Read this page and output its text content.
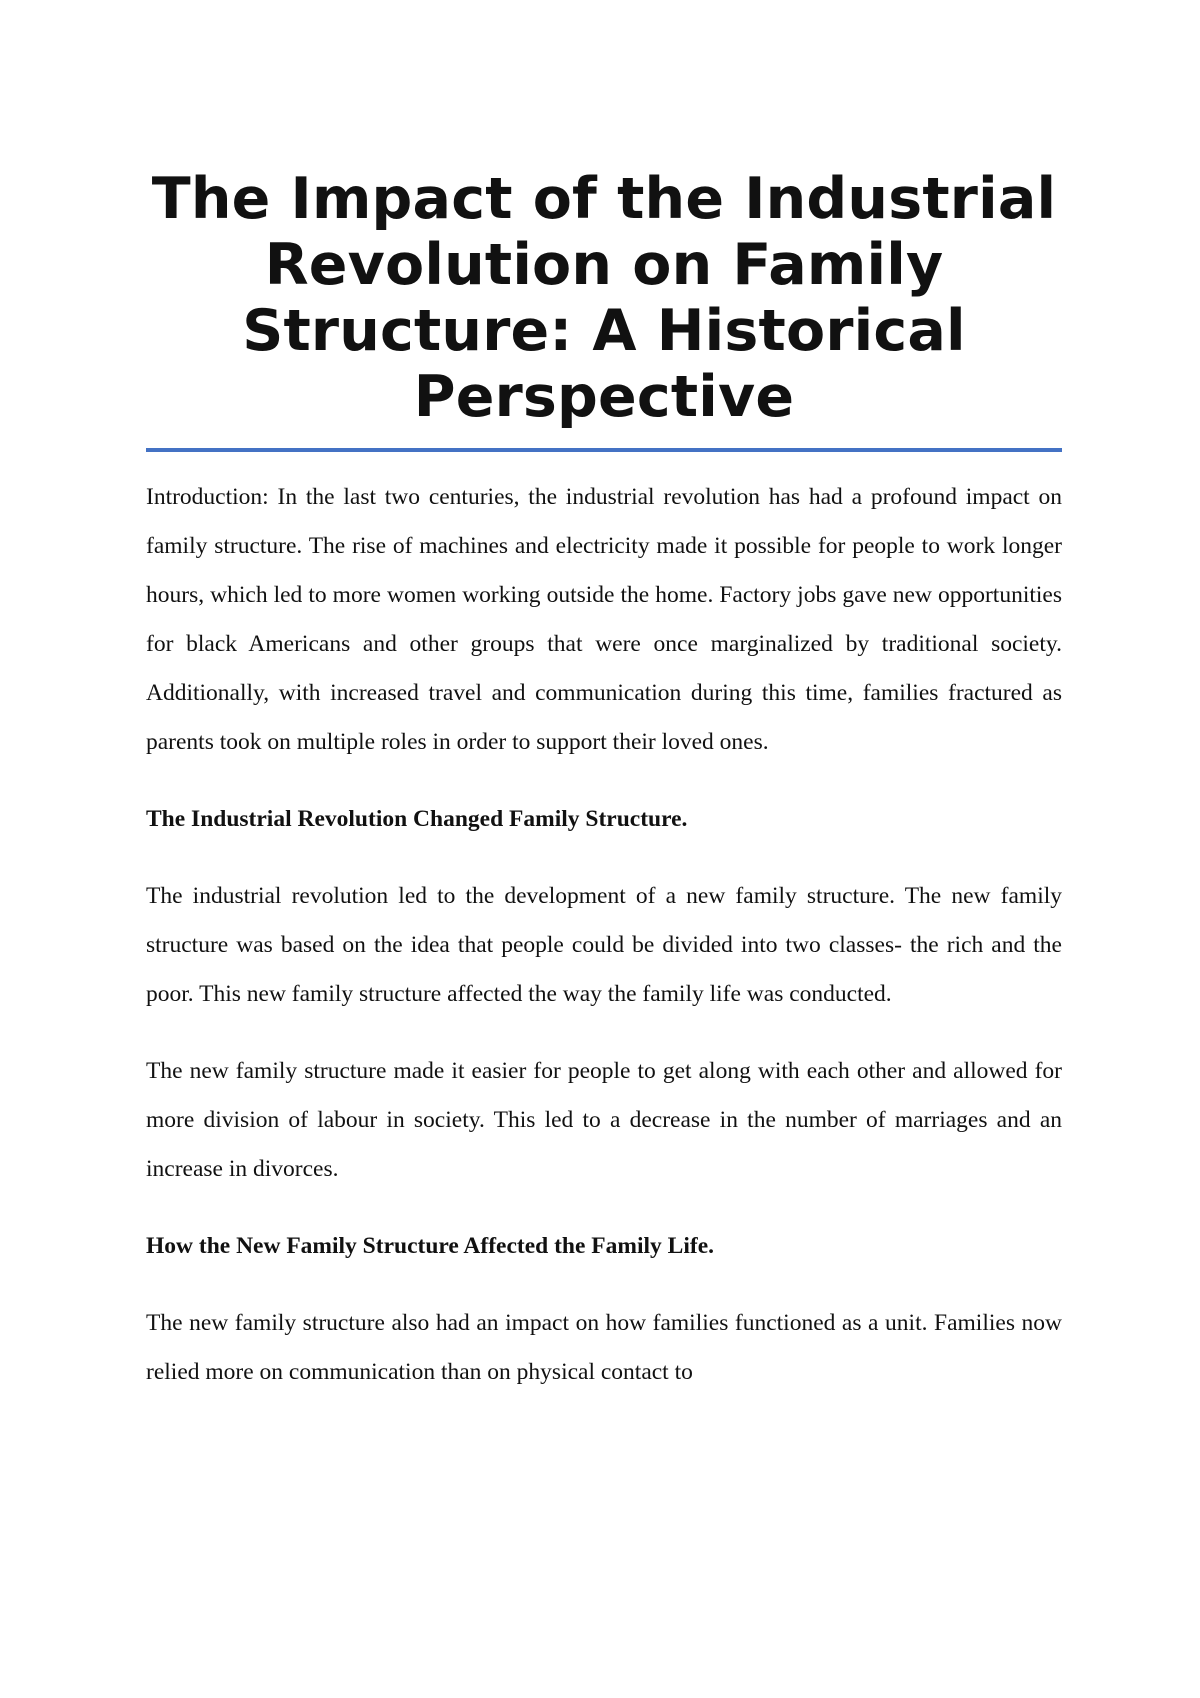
The Impact of the Industrial Revolution on Family Structure: A Historical Perspective

Introduction: In the last two centuries, the industrial revolution has had a profound impact on family structure. The rise of machines and electricity made it possible for people to work longer hours, which led to more women working outside the home. Factory jobs gave new opportunities for black Americans and other groups that were once marginalized by traditional society. Additionally, with increased travel and communication during this time, families fractured as parents took on multiple roles in order to support their loved ones.

The Industrial Revolution Changed Family Structure.

The industrial revolution led to the development of a new family structure. The new family structure was based on the idea that people could be divided into two classes- the rich and the poor. This new family structure affected the way the family life was conducted.

The new family structure made it easier for people to get along with each other and allowed for more division of labour in society. This led to a decrease in the number of marriages and an increase in divorces.

How the New Family Structure Affected the Family Life.

The new family structure also had an impact on how families functioned as a unit. Families now relied more on communication than on physical contact to
